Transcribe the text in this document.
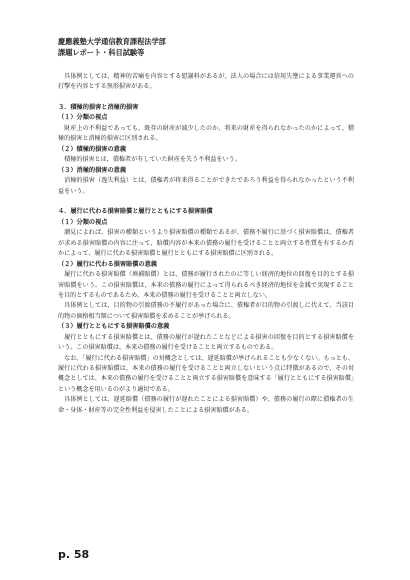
慶應義塾大学通信教育課程法学部
課題レポート・科目試験等

具体例としては、精神的苦痛を内容とする慰謝料があるが、法人の場合には信用失墜による事業運営への打撃を内容とする無形損害がある。

３．積極的損害と消極的損害

（１）分類の視点

財産上の不利益であっても、既存の財産が減少したのか、将来の財産を得られなかったのかによって、積極的損害と消極的損害に区別される。

（２）積極的損害の意義

積極的損害とは、債権者が有していた財産を失う不利益をいう。

（３）消極的損害の意義

消極的損害（逸失利益）とは、債権者が将来得ることができたであろう利益を得られなかったという不利益をいう。

４．履行に代わる損害賠償と履行とともにする損害賠償

（１）分類の視点

潮見によれば、損害の種類というより損害賠償の種類であるが、債務不履行に基づく損害賠償は、債権者が求める損害賠償の内容に注って、賠償内容が本来の債務の履行を受けることと両立する性質を有するか否かによって、履行に代わる損害賠償と履行とともにする損害賠償に区別される。

（２）履行に代わる損害賠償の意義

履行に代わる損害賠償（填補賠償）とは、債務が履行されたのに等しい経済的地位の回復を目的とする損害賠償をいう。この損害賠償は、本来の債務の履行によって得られるべき経済的地位を金銭で実現することを目的とするものであるため、本来の債務の履行を受けることと両立しない。

具体例としては、目的物の引渡債務の不履行があった場合に、債権者が目的物の引渡しに代えて、当該目的物の価格相当額について損害賠償を求めることが挙げられる。

（３）履行とともにする損害賠償の意義

履行とともにする損害賠償とは、債務の履行が遅れたことなどによる損害の回復を目的とする損害賠償をいう。この損害賠償は、本来の債務の履行を受けることと両立するものである。

なお、「履行に代わる損害賠償」の対概念としては、遅延賠償が挙げられることも少なくない。もっとも、履行に代わる損害賠償は、本来の債務の履行を受けることと両立しないという点に特徴があるので、その対概念としては、本来の債務の履行を受けることと両立する損害賠償を意味する「履行とともにする損害賠償」という概念を用いるのがより適切である。

具体例としては、遅延賠償（債務の履行が遅れたことによる損害賠償）や、債務の履行の際に債権者の生命・身体・財産等の完全性利益を侵害したことによる損害賠償がある。

p. 58
